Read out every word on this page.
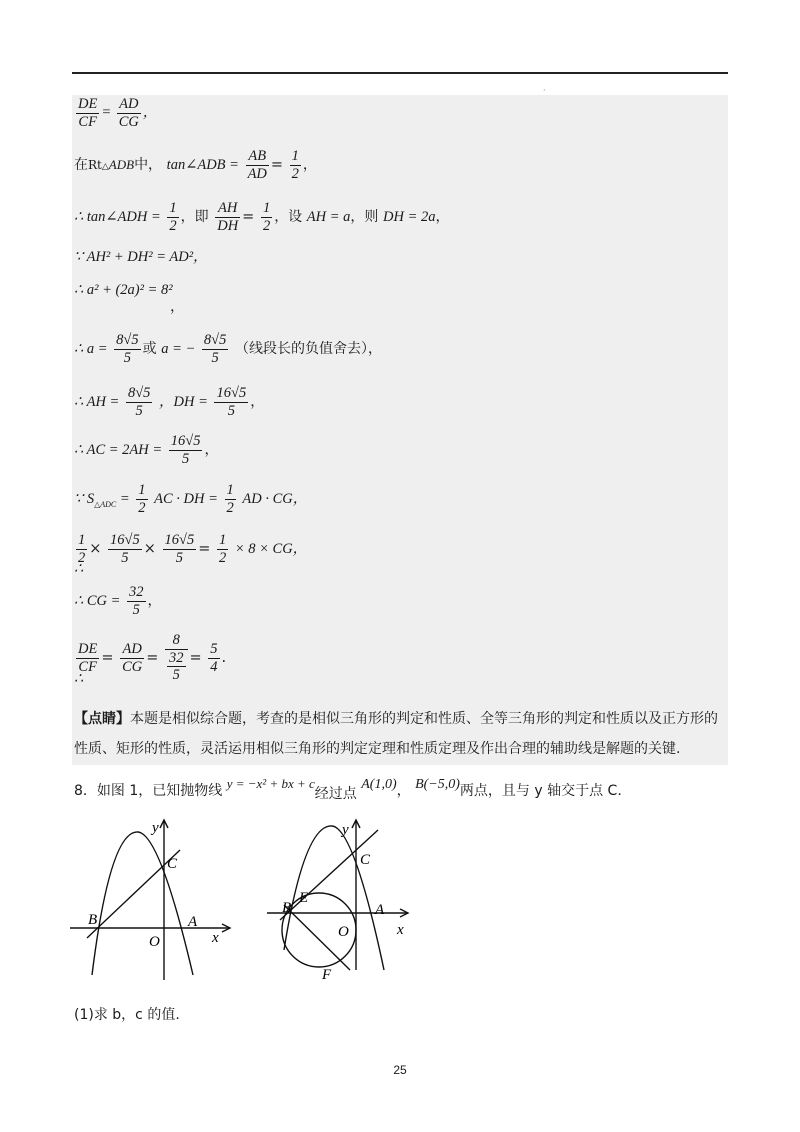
·
$\frac{DE}{CF} = \frac{AD}{CG}$ ，
在Rt△ADB中， tan∠ADB = $\frac{AB}{AD} = \frac{1}{2}$ ，
∴ tan∠ADH = $\frac{1}{2}$ ，即 $\frac{AH}{DH} = \frac{1}{2}$ ，设 AH = a，则 DH = 2a，
∵ AH² + DH² = AD²，
∴ a² + (2a)² = 8²
，
∴ $a = \frac{8√5}{5}$ 或 a = − $\frac{8√5}{5}$ （线段长的负值舍去），
∴ AH = $\frac{8√5}{5}$ ，DH = $\frac{16√5}{5}$ ，
∴ AC = $2AH = \frac{16√5}{5}$ ，
∵ $S_{\triangle ADC} = \frac{1}{2}$ AC · DH = $\frac{1}{2}$ AD · CG，
$\frac{1}{2} \times \frac{16√5}{5} \times \frac{16√5}{5} = \frac{1}{2} \times 8$ × CG，
∴
∴ CG = $\frac{32}{5}$ ，
$\frac{DE}{CF} = \frac{AD}{CG} = \frac{8}{\frac{32}{5}} = \frac{5}{4}$ .
∴
【点睛】本题是相似综合题，考查的是相似三角形的判定和性质、全等三角形的判定和性质以及正方形的性质、矩形的性质，灵活运用相似三角形的判定定理和性质定理及作出合理的辅助线是解题的关键.
8．如图 1，已知抛物线 y = −x² + bx + c经过点 A(1,0)， B(−5,0)两点，且与 y 轴交于点 C.
y
C
B	A
O	x
y
C
E
B	A
O	x
F
(1)求 b，c 的值.
25
